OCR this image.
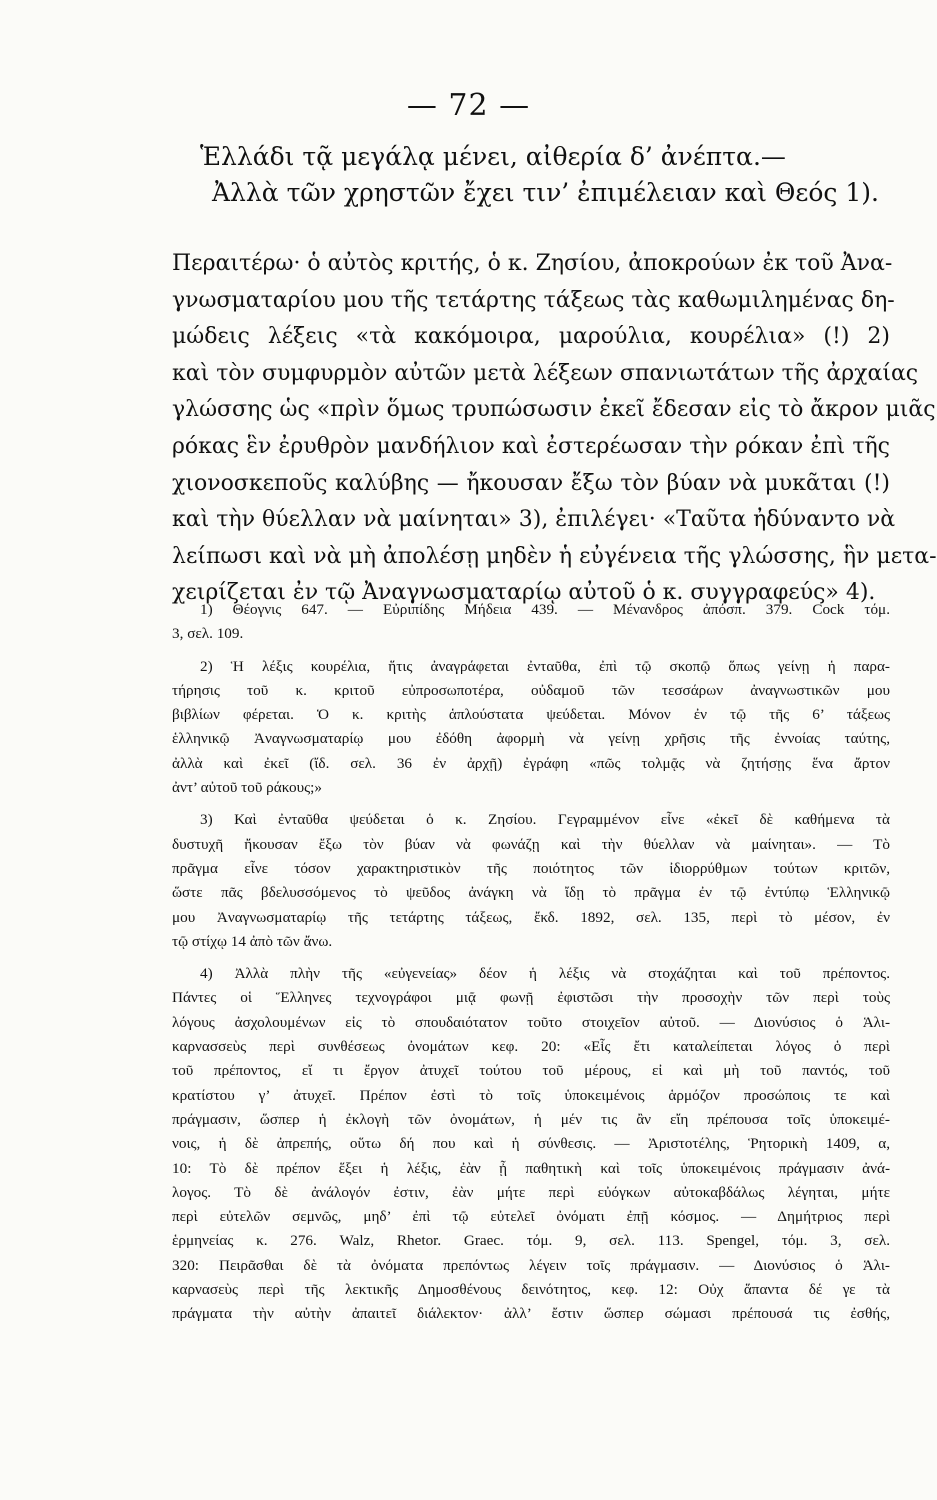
— 72 —
Ἑλλάδι τᾷ μεγάλᾳ μένει, αἰθερία δ’ ἀνέπτα.—
Ἀλλὰ τῶν χρηστῶν ἔχει τιν’ ἐπιμέλειαν καὶ Θεός 1).
Περαιτέρω· ὁ αὐτὸς κριτής, ὁ κ. Ζησίου, ἀποκρούων ἐκ τοῦ Ἀνα-
γνωσματαρίου μου τῆς τετάρτης τάξεως τὰς καθωμιλημένας δη-
μώδεις λέξεις «τὰ κακόμοιρα, μαρούλια, κουρέλια» (!) 2)
καὶ τὸν συμφυρμὸν αὐτῶν μετὰ λέξεων σπανιωτάτων τῆς ἀρχαίας
γλώσσης ὡς «πρὶν ὅμως τρυπώσωσιν ἐκεῖ ἔδεσαν εἰς τὸ ἄκρον μιᾶς
ρόκας ἓν ἐρυθρὸν μανδήλιον καὶ ἐστερέωσαν τὴν ρόκαν ἐπὶ τῆς
χιονοσκεποῦς καλύβης — ἤκουσαν ἔξω τὸν βύαν νὰ μυκᾶται (!)
καὶ τὴν θύελλαν νὰ μαίνηται» 3), ἐπιλέγει· «Ταῦτα ἠδύναντο νὰ
λείπωσι καὶ νὰ μὴ ἀπολέσῃ μηδὲν ἡ εὐγένεια τῆς γλώσσης, ἣν μετα-
χειρίζεται ἐν τῷ Ἀναγνωσματαρίῳ αὐτοῦ ὁ κ. συγγραφεύς» 4).
1) Θέογνις 647. — Εὐριπίδης Μήδεια 439. — Μένανδρος ἀπόσπ. 379. Cock τόμ.
3, σελ. 109.
2) Ἡ λέξις κουρέλια, ἥτις ἀναγράφεται ἐνταῦθα, ἐπὶ τῷ σκοπῷ ὅπως γείνῃ ἡ παρα-
τήρησις τοῦ κ. κριτοῦ εὐπροσωποτέρα, οὐδαμοῦ τῶν τεσσάρων ἀναγνωστικῶν μου
βιβλίων φέρεται. Ὁ κ. κριτὴς ἁπλούστατα ψεύδεται. Μόνον ἐν τῷ τῆς 6’ τάξεως
ἑλληνικῷ Ἀναγνωσματαρίῳ μου ἐδόθη ἀφορμὴ νὰ γείνῃ χρῆσις τῆς ἐννοίας ταύτης,
ἀλλὰ καὶ ἐκεῖ (ἴδ. σελ. 36 ἐν ἀρχῇ) ἐγράφη «πῶς τολμᾷς νὰ ζητήσῃς ἕνα ἄρτον
ἀντ’ αὐτοῦ τοῦ ράκους;»
3) Καὶ ἐνταῦθα ψεύδεται ὁ κ. Ζησίου. Γεγραμμένον εἶνε «ἐκεῖ δὲ καθήμενα τὰ
δυστυχῆ ἤκουσαν ἔξω τὸν βύαν νὰ φωνάζῃ καὶ τὴν θύελλαν νὰ μαίνηται». — Τὸ
πρᾶγμα εἶνε τόσον χαρακτηριστικὸν τῆς ποιότητος τῶν ἰδιορρύθμων τούτων κριτῶν,
ὥστε πᾶς βδελυσσόμενος τὸ ψεῦδος ἀνάγκη νὰ ἴδῃ τὸ πρᾶγμα ἐν τῷ ἐντύπῳ Ἑλληνικῷ
μου Ἀναγνωσματαρίῳ τῆς τετάρτης τάξεως, ἔκδ. 1892, σελ. 135, περὶ τὸ μέσον, ἐν
τῷ στίχῳ 14 ἀπὸ τῶν ἄνω.
4) Ἀλλὰ πλὴν τῆς «εὐγενείας» δέον ἡ λέξις νὰ στοχάζηται καὶ τοῦ πρέποντος.
Πάντες οἱ Ἕλληνες τεχνογράφοι μιᾷ φωνῇ ἐφιστῶσι τὴν προσοχὴν τῶν περὶ τοὺς
λόγους ἀσχολουμένων εἰς τὸ σπουδαιότατον τοῦτο στοιχεῖον αὐτοῦ. — Διονύσιος ὁ Ἁλι-
καρνασσεὺς περὶ συνθέσεως ὀνομάτων κεφ. 20: «Εἷς ἔτι καταλείπεται λόγος ὁ περὶ
τοῦ πρέποντος, εἴ τι ἔργον ἀτυχεῖ τούτου τοῦ μέρους, εἰ καὶ μὴ τοῦ παντός, τοῦ
κρατίστου γ’ ἀτυχεῖ. Πρέπον ἐστὶ τὸ τοῖς ὑποκειμένοις ἁρμόζον προσώποις τε καὶ
πράγμασιν, ὥσπερ ἡ ἐκλογὴ τῶν ὀνομάτων, ἡ μέν τις ἂν εἴη πρέπουσα τοῖς ὑποκειμέ-
νοις, ἡ δὲ ἀπρεπής, οὕτω δή που καὶ ἡ σύνθεσις. — Ἀριστοτέλης, Ῥητορικὴ 1409, α,
10: Τὸ δὲ πρέπον ἕξει ἡ λέξις, ἐὰν ᾖ παθητικὴ καὶ τοῖς ὑποκειμένοις πράγμασιν ἀνά-
λογος. Τὸ δὲ ἀνάλογόν ἐστιν, ἐὰν μήτε περὶ εὐόγκων αὐτοκαβδάλως λέγηται, μήτε
περὶ εὐτελῶν σεμνῶς, μηδ’ ἐπὶ τῷ εὐτελεῖ ὀνόματι ἐπῇ κόσμος. — Δημήτριος περὶ
ἑρμηνείας κ. 276. Walz, Rhetor. Graec. τόμ. 9, σελ. 113. Spengel, τόμ. 3, σελ.
320: Πειρᾶσθαι δὲ τὰ ὀνόματα πρεπόντως λέγειν τοῖς πράγμασιν. — Διονύσιος ὁ Ἁλι-
καρνασεὺς περὶ τῆς λεκτικῆς Δημοσθένους δεινότητος, κεφ. 12: Οὐχ ἅπαντα δέ γε τὰ
πράγματα τὴν αὐτὴν ἀπαιτεῖ διάλεκτον· ἀλλ’ ἔστιν ὥσπερ σώμασι πρέπουσά τις ἐσθής,
